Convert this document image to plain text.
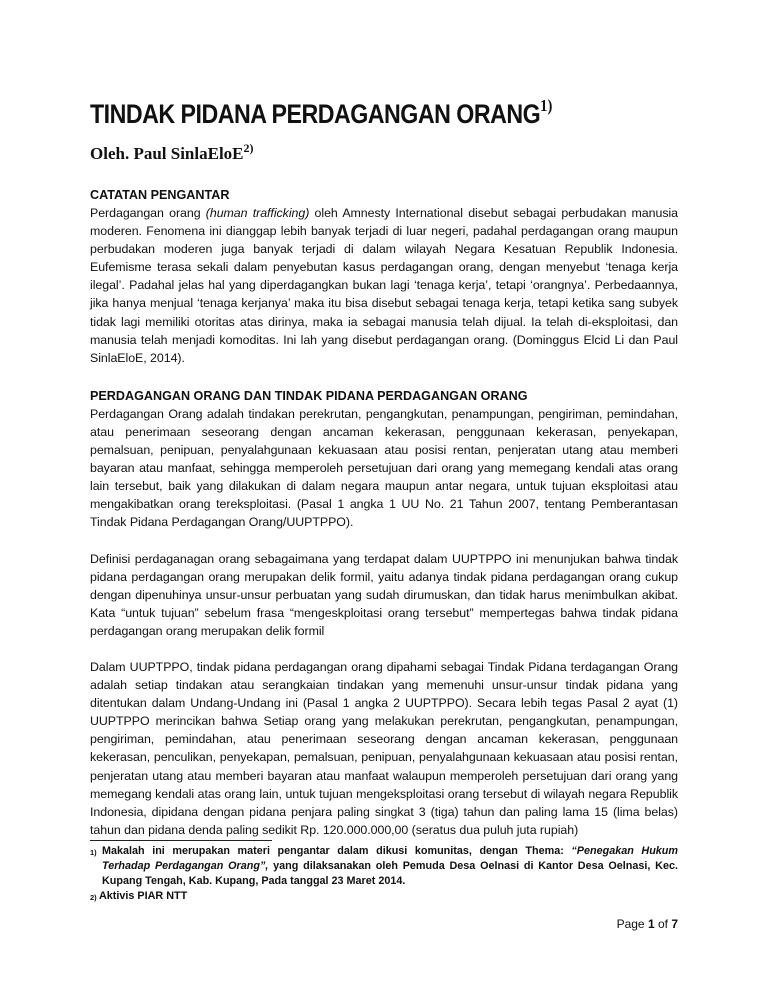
TINDAK PIDANA PERDAGANGAN ORANG$^{1)}$
Oleh. Paul SinlaEloE$^{2)}$
CATATAN PENGANTAR

Perdagangan orang (human trafficking) oleh Amnesty International disebut sebagai perbudakan manusia moderen. Fenomena ini dianggap lebih banyak terjadi di luar negeri, padahal perdagangan orang maupun perbudakan moderen juga banyak terjadi di dalam wilayah Negara Kesatuan Republik Indonesia. Eufemisme terasa sekali dalam penyebutan kasus perdagangan orang, dengan menyebut ‘tenaga kerja ilegal’. Padahal jelas hal yang diperdagangkan bukan lagi ‘tenaga kerja’, tetapi ‘orangnya’. Perbedaannya, jika hanya menjual ‘tenaga kerjanya’ maka itu bisa disebut sebagai tenaga kerja, tetapi ketika sang subyek tidak lagi memiliki otoritas atas dirinya, maka ia sebagai manusia telah dijual. Ia telah di-eksploitasi, dan manusia telah menjadi komoditas. Ini lah yang disebut perdagangan orang. (Dominggus Elcid Li dan Paul SinlaEloE, 2014).

PERDAGANGAN ORANG DAN TINDAK PIDANA PERDAGANGAN ORANG

Perdagangan Orang adalah tindakan perekrutan, pengangkutan, penampungan, pengiriman, pemindahan, atau penerimaan seseorang dengan ancaman kekerasan, penggunaan kekerasan, penyekapan, pemalsuan, penipuan, penyalahgunaan kekuasaan atau posisi rentan, penjeratan utang atau memberi bayaran atau manfaat, sehingga memperoleh persetujuan dari orang yang memegang kendali atas orang lain tersebut, baik yang dilakukan di dalam negara maupun antar negara, untuk tujuan eksploitasi atau mengakibatkan orang tereksploitasi. (Pasal 1 angka 1 UU No. 21 Tahun 2007, tentang Pemberantasan Tindak Pidana Perdagangan Orang/UUPTPPO).

Definisi perdaganagan orang sebagaimana yang terdapat dalam UUPTPPO ini menunjukan bahwa tindak pidana perdagangan orang merupakan delik formil, yaitu adanya tindak pidana perdagangan orang cukup dengan dipenuhinya unsur-unsur perbuatan yang sudah dirumuskan, dan tidak harus menimbulkan akibat. Kata “untuk tujuan” sebelum frasa “mengeskploitasi orang tersebut” mempertegas bahwa tindak pidana perdagangan orang merupakan delik formil

Dalam UUPTPPO, tindak pidana perdagangan orang dipahami sebagai Tindak Pidana terdagangan Orang adalah setiap tindakan atau serangkaian tindakan yang memenuhi unsur-unsur tindak pidana yang ditentukan dalam Undang-Undang ini (Pasal 1 angka 2 UUPTPPO). Secara lebih tegas Pasal 2 ayat (1) UUPTPPO merincikan bahwa Setiap orang yang melakukan perekrutan, pengangkutan, penampungan, pengiriman, pemindahan, atau penerimaan seseorang dengan ancaman kekerasan, penggunaan kekerasan, penculikan, penyekapan, pemalsuan, penipuan, penyalahgunaan kekuasaan atau posisi rentan, penjeratan utang atau memberi bayaran atau manfaat walaupun memperoleh persetujuan dari orang yang memegang kendali atas orang lain, untuk tujuan mengeksploitasi orang tersebut di wilayah negara Republik Indonesia, dipidana dengan pidana penjara paling singkat 3 (tiga) tahun dan paling lama 15 (lima belas) tahun dan pidana denda paling sedikit Rp. 120.000.000,00 (seratus dua puluh juta rupiah)

1) Makalah ini merupakan materi pengantar dalam dikusi komunitas, dengan Thema: “Penegakan Hukum Terhadap Perdagangan Orang”, yang dilaksanakan oleh Pemuda Desa Oelnasi di Kantor Desa Oelnasi, Kec. Kupang Tengah, Kab. Kupang, Pada tanggal 23 Maret 2014.
2) Aktivis PIAR NTT
Page 1 of 7
